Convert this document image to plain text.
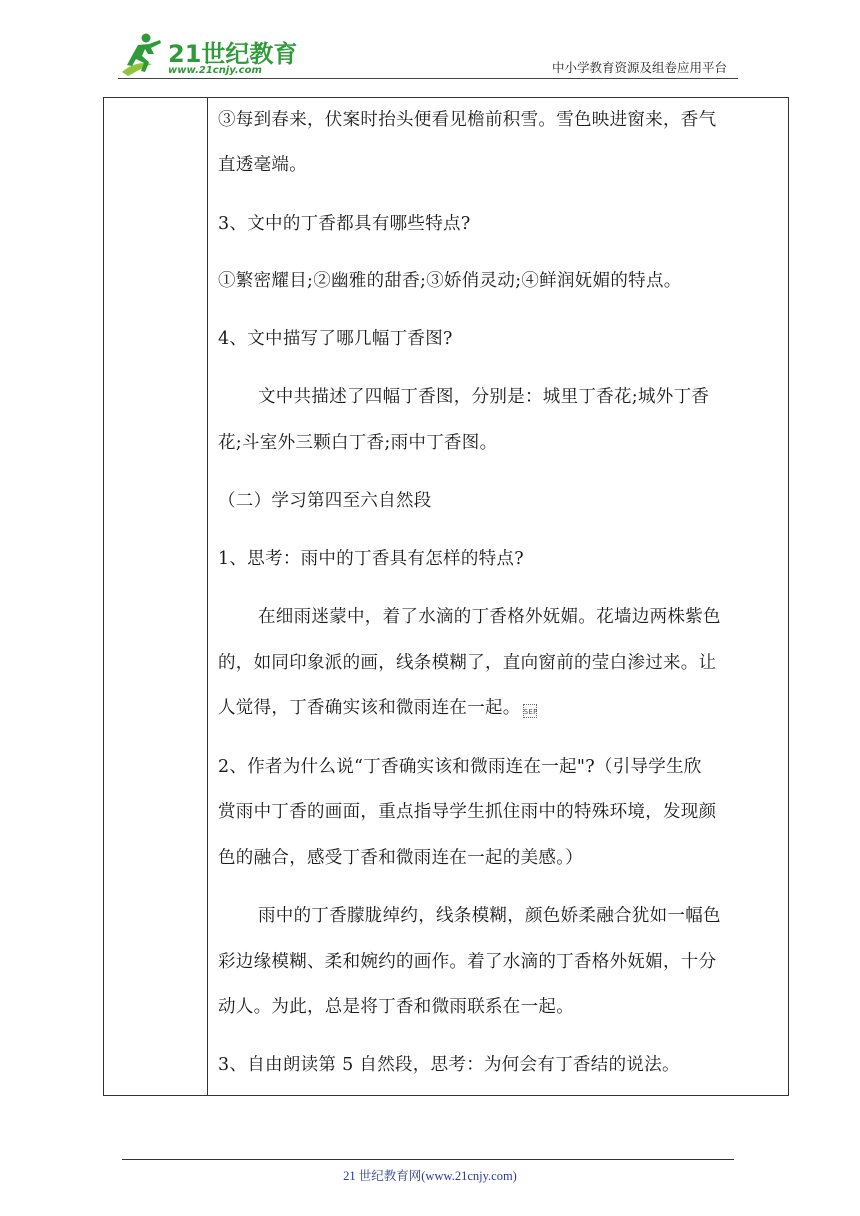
21世纪教育
www.21cnjy.com	中小学教育资源及组卷应用平台
③每到春来，伏案时抬头便看见檐前积雪。雪色映进窗来，香气
直透毫端。
3、文中的丁香都具有哪些特点?
①繁密耀目;②幽雅的甜香;③娇俏灵动;④鲜润妩媚的特点。
4、文中描写了哪几幅丁香图?
文中共描述了四幅丁香图，分别是：城里丁香花;城外丁香
花;斗室外三颗白丁香;雨中丁香图。
（二）学习第四至六自然段
1、思考：雨中的丁香具有怎样的特点?
在细雨迷蒙中，着了水滴的丁香格外妩媚。花墙边两株紫色
的，如同印象派的画，线条模糊了，直向窗前的莹白渗过来。让
人觉得，丁香确实该和微雨连在一起。 SEP
2、作者为什么说“丁香确实该和微雨连在一起"?（引导学生欣
赏雨中丁香的画面，重点指导学生抓住雨中的特殊环境，发现颜
色的融合，感受丁香和微雨连在一起的美感。）
雨中的丁香朦胧绰约，线条模糊，颜色娇柔融合犹如一幅色
彩边缘模糊、柔和婉约的画作。着了水滴的丁香格外妩媚，十分
动人。为此，总是将丁香和微雨联系在一起。
3、自由朗读第 5 自然段，思考：为何会有丁香结的说法。
21 世纪教育网(www.21cnjy.com)
